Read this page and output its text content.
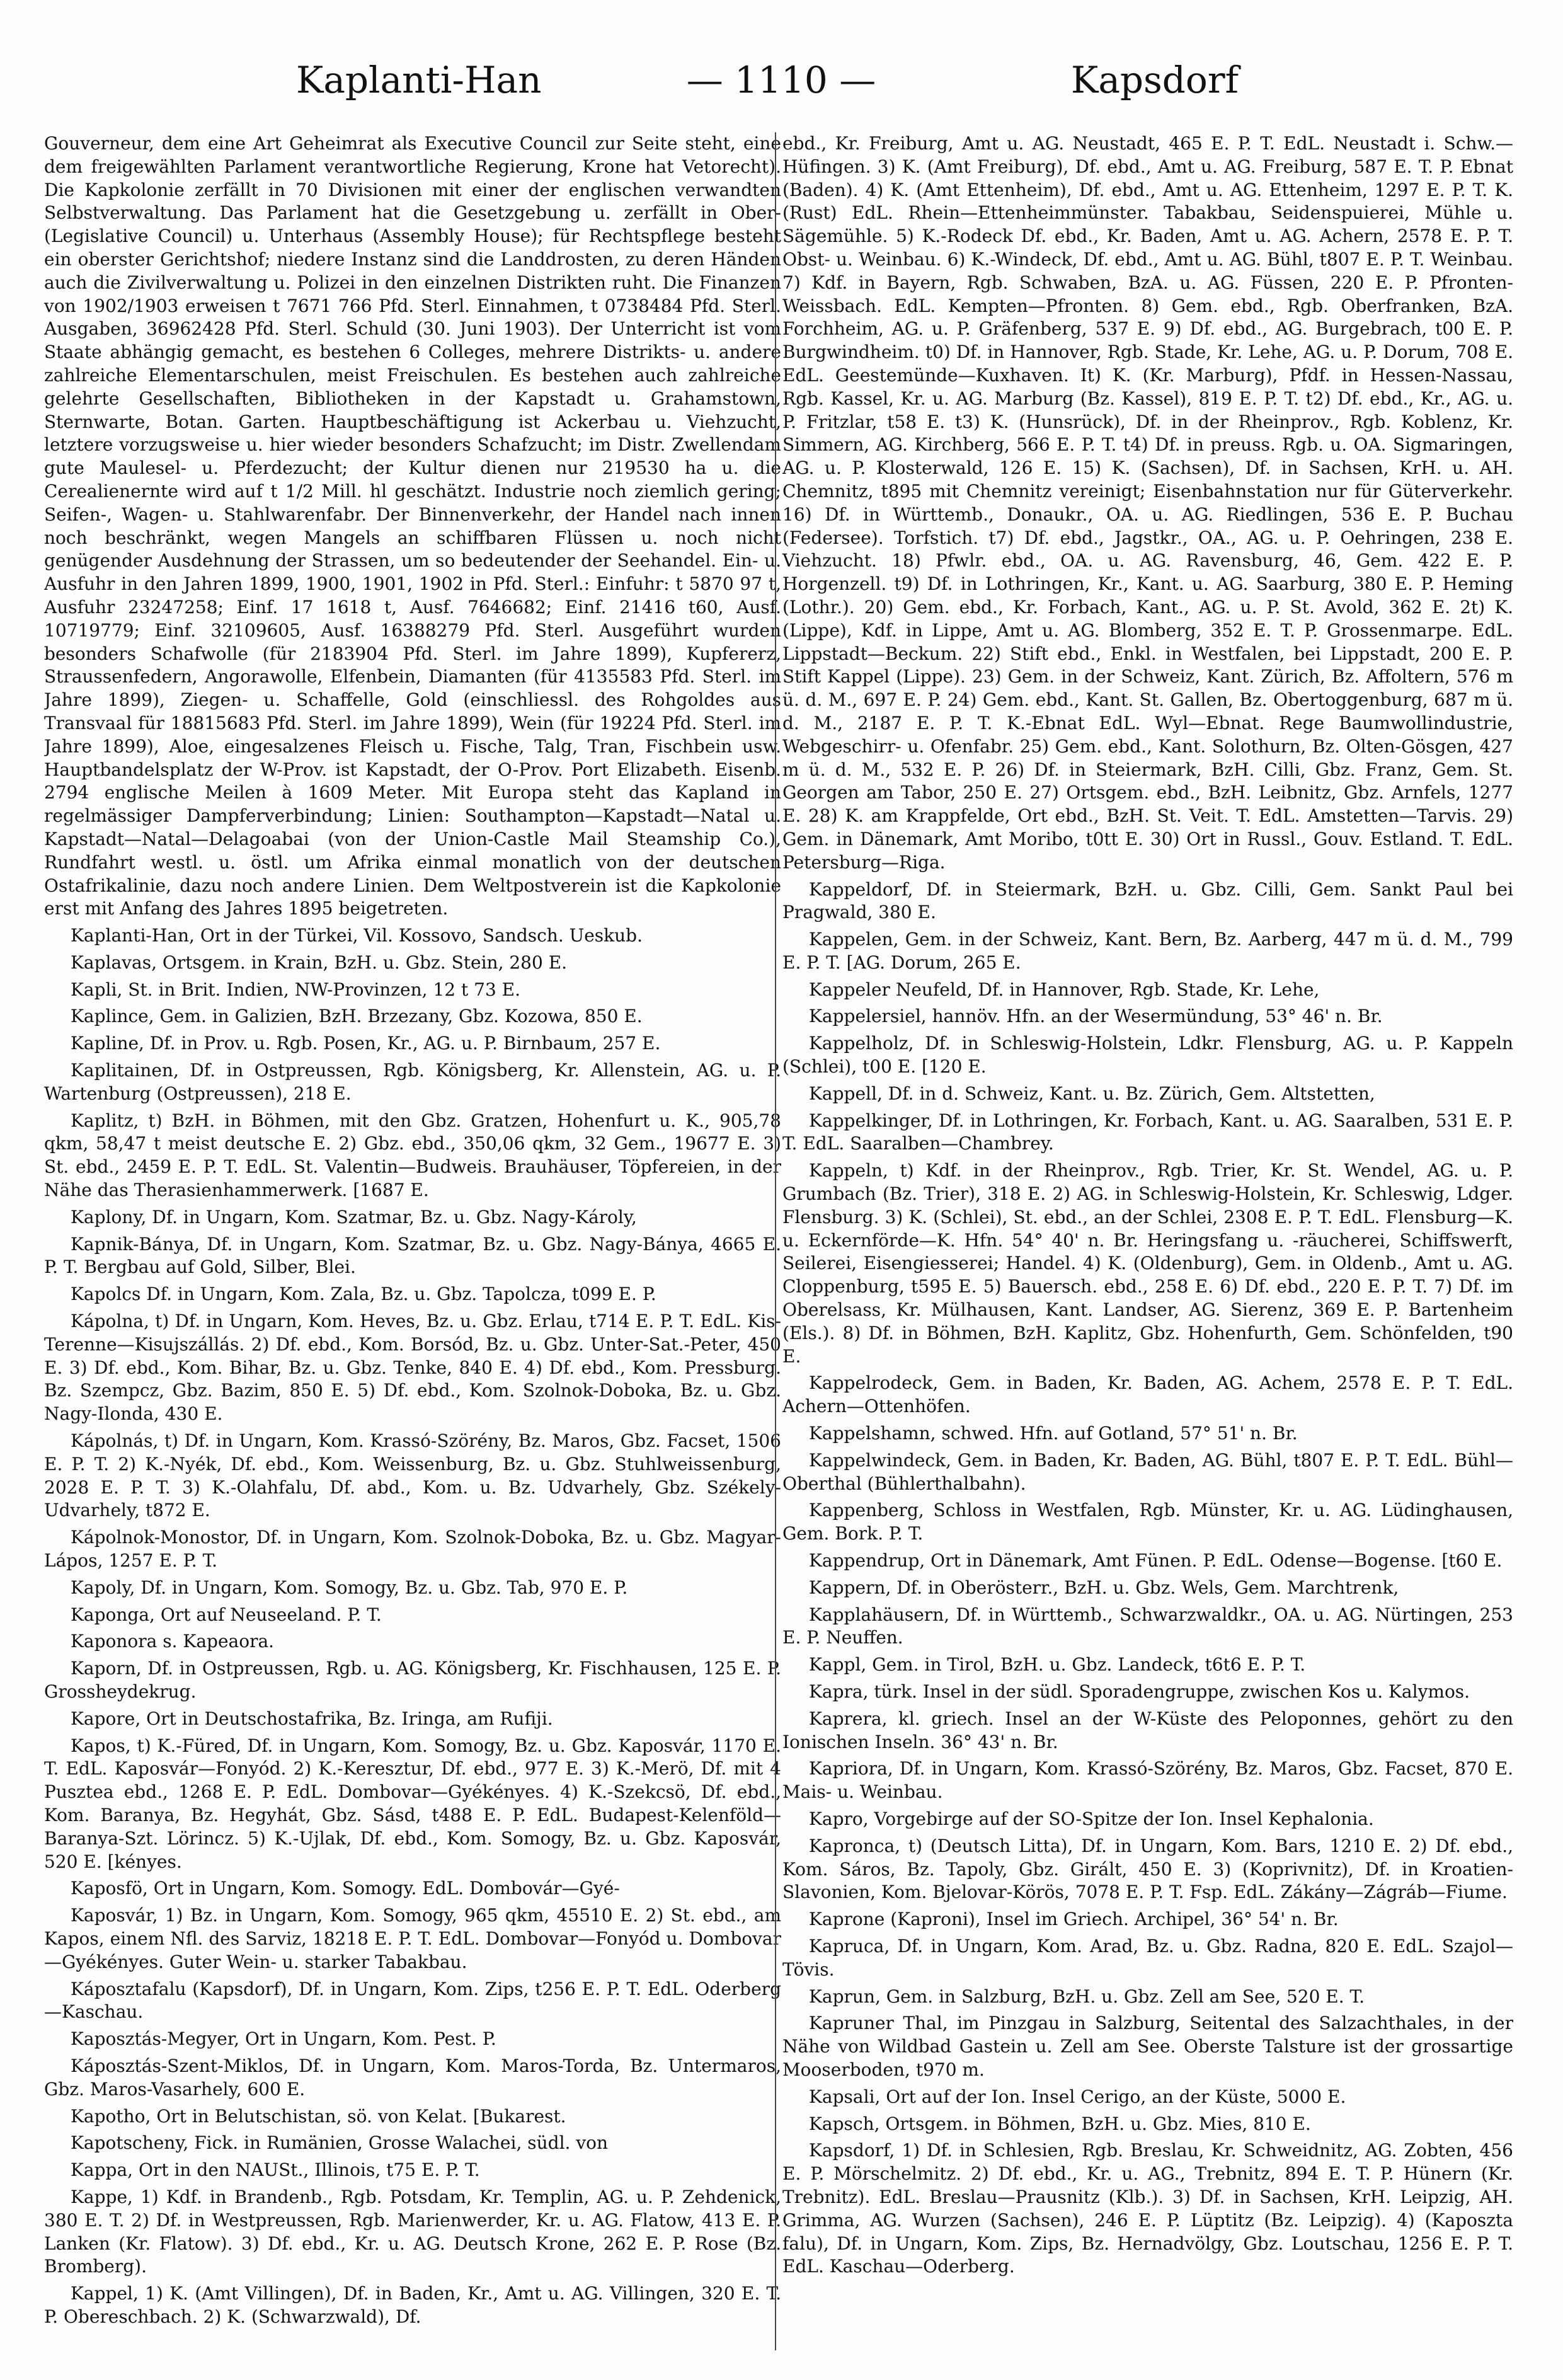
Kaplanti-Han	— 1110 —	Kapsdorf

Gouverneur, dem eine Art Geheimrat als Executive Council zur Seite steht, eine dem freigewählten Parlament verantwortliche Regierung, Krone hat Vetorecht). Die Kapkolonie zerfällt in 70 Divisionen mit einer der englischen verwandten Selbstverwaltung. Das Parlament hat die Gesetzgebung u. zerfällt in Ober- (Legislative Council) u. Unterhaus (Assembly House); für Rechtspflege besteht ein oberster Gerichtshof; niedere Instanz sind die Landdrosten, zu deren Händen auch die Zivilverwaltung u. Polizei in den einzelnen Distrikten ruht. Die Finanzen von 1902/1903 erweisen t 7671 766 Pfd. Sterl. Einnahmen, t 0738484 Pfd. Sterl. Ausgaben, 36962428 Pfd. Sterl. Schuld (30. Juni 1903). Der Unterricht ist vom Staate abhängig gemacht, es bestehen 6 Colleges, mehrere Distrikts- u. andere zahlreiche Elementarschulen, meist Freischulen. Es bestehen auch zahlreiche gelehrte Gesellschaften, Bibliotheken in der Kapstadt u. Grahamstown, Sternwarte, Botan. Garten. Hauptbeschäftigung ist Ackerbau u. Viehzucht, letztere vorzugsweise u. hier wieder besonders Schafzucht; im Distr. Zwellendam gute Maulesel- u. Pferdezucht; der Kultur dienen nur 219530 ha u. die Cerealienernte wird auf t 1/2 Mill. hl geschätzt. Industrie noch ziemlich gering; Seifen-, Wagen- u. Stahlwarenfabr. Der Binnenverkehr, der Handel nach innen noch beschränkt, wegen Mangels an schiffbaren Flüssen u. noch nicht genügender Ausdehnung der Strassen, um so bedeutender der Seehandel. Ein- u. Ausfuhr in den Jahren 1899, 1900, 1901, 1902 in Pfd. Sterl.: Einfuhr: t 5870 97 t, Ausfuhr 23247258; Einf. 17 1618 t, Ausf. 7646682; Einf. 21416 t60, Ausf. 10719779; Einf. 32109605, Ausf. 16388279 Pfd. Sterl. Ausgeführt wurden besonders Schafwolle (für 2183904 Pfd. Sterl. im Jahre 1899), Kupfererz, Straussenfedern, Angorawolle, Elfenbein, Diamanten (für 4135583 Pfd. Sterl. im Jahre 1899), Ziegen- u. Schaffelle, Gold (einschliessl. des Rohgoldes aus Transvaal für 18815683 Pfd. Sterl. im Jahre 1899), Wein (für 19224 Pfd. Sterl. im Jahre 1899), Aloe, eingesalzenes Fleisch u. Fische, Talg, Tran, Fischbein usw. Hauptbandelsplatz der W-Prov. ist Kapstadt, der O-Prov. Port Elizabeth. Eisenb. 2794 englische Meilen à 1609 Meter. Mit Europa steht das Kapland in regelmässiger Dampferverbindung; Linien: Southampton—Kapstadt—Natal u. Kapstadt—Natal—Delagoabai (von der Union-Castle Mail Steamship Co.), Rundfahrt westl. u. östl. um Afrika einmal monatlich von der deutschen Ostafrikalinie, dazu noch andere Linien. Dem Weltpostverein ist die Kapkolonie erst mit Anfang des Jahres 1895 beigetreten.

Kaplanti-Han, Ort in der Türkei, Vil. Kossovo, Sandsch. Ueskub.

Kaplavas, Ortsgem. in Krain, BzH. u. Gbz. Stein, 280 E.

Kapli, St. in Brit. Indien, NW-Provinzen, 12 t 73 E.

Kaplince, Gem. in Galizien, BzH. Brzezany, Gbz. Kozowa, 850 E.

Kapline, Df. in Prov. u. Rgb. Posen, Kr., AG. u. P. Birnbaum, 257 E.

Kaplitainen, Df. in Ostpreussen, Rgb. Königsberg, Kr. Allenstein, AG. u. P. Wartenburg (Ostpreussen), 218 E.

Kaplitz, t) BzH. in Böhmen, mit den Gbz. Gratzen, Hohenfurt u. K., 905,78 qkm, 58,47 t meist deutsche E. 2) Gbz. ebd., 350,06 qkm, 32 Gem., 19677 E. 3) St. ebd., 2459 E. P. T. EdL. St. Valentin—Budweis. Brauhäuser, Töpfereien, in der Nähe das Therasienhammerwerk. [1687 E.

Kaplony, Df. in Ungarn, Kom. Szatmar, Bz. u. Gbz. Nagy-Károly,

Kapnik-Bánya, Df. in Ungarn, Kom. Szatmar, Bz. u. Gbz. Nagy-Bánya, 4665 E. P. T. Bergbau auf Gold, Silber, Blei.

Kapolcs Df. in Ungarn, Kom. Zala, Bz. u. Gbz. Tapolcza, t099 E. P.

Kápolna, t) Df. in Ungarn, Kom. Heves, Bz. u. Gbz. Erlau, t714 E. P. T. EdL. Kis-Terenne—Kisujszállás. 2) Df. ebd., Kom. Borsód, Bz. u. Gbz. Unter-Sat.-Peter, 450 E. 3) Df. ebd., Kom. Bihar, Bz. u. Gbz. Tenke, 840 E. 4) Df. ebd., Kom. Pressburg. Bz. Szempcz, Gbz. Bazim, 850 E. 5) Df. ebd., Kom. Szolnok-Doboka, Bz. u. Gbz. Nagy-Ilonda, 430 E.

Kápolnás, t) Df. in Ungarn, Kom. Krassó-Szörény, Bz. Maros, Gbz. Facset, 1506 E. P. T. 2) K.-Nyék, Df. ebd., Kom. Weissenburg, Bz. u. Gbz. Stuhlweissenburg, 2028 E. P. T. 3) K.-Olahfalu, Df. abd., Kom. u. Bz. Udvarhely, Gbz. Székely-Udvarhely, t872 E.

Kápolnok-Monostor, Df. in Ungarn, Kom. Szolnok-Doboka, Bz. u. Gbz. Magyar-Lápos, 1257 E. P. T.

Kapoly, Df. in Ungarn, Kom. Somogy, Bz. u. Gbz. Tab, 970 E. P.

Kaponga, Ort auf Neuseeland. P. T.

Kaponora s. Kapeaora.

Kaporn, Df. in Ostpreussen, Rgb. u. AG. Königsberg, Kr. Fischhausen, 125 E. P. Grossheydekrug.

Kapore, Ort in Deutschostafrika, Bz. Iringa, am Rufiji.

Kapos, t) K.-Füred, Df. in Ungarn, Kom. Somogy, Bz. u. Gbz. Kaposvár, 1170 E. T. EdL. Kaposvár—Fonyód. 2) K.-Keresztur, Df. ebd., 977 E. 3) K.-Merö, Df. mit 4 Pusztea ebd., 1268 E. P. EdL. Dombovar—Gyékényes. 4) K.-Szekcsö, Df. ebd., Kom. Baranya, Bz. Hegyhát, Gbz. Sásd, t488 E. P. EdL. Budapest-Kelenföld—Baranya-Szt. Lörincz. 5) K.-Ujlak, Df. ebd., Kom. Somogy, Bz. u. Gbz. Kaposvár, 520 E. [kényes.

Kaposfö, Ort in Ungarn, Kom. Somogy. EdL. Dombovár—Gyé-

Kaposvár, 1) Bz. in Ungarn, Kom. Somogy, 965 qkm, 45510 E. 2) St. ebd., am Kapos, einem Nfl. des Sarviz, 18218 E. P. T. EdL. Dombovar—Fonyód u. Dombovar—Gyékényes. Guter Wein- u. starker Tabakbau.

Káposztafalu (Kapsdorf), Df. in Ungarn, Kom. Zips, t256 E. P. T. EdL. Oderberg—Kaschau.

Kaposztás-Megyer, Ort in Ungarn, Kom. Pest. P.

Káposztás-Szent-Miklos, Df. in Ungarn, Kom. Maros-Torda, Bz. Untermaros, Gbz. Maros-Vasarhely, 600 E.

Kapotho, Ort in Belutschistan, sö. von Kelat. [Bukarest.

Kapotscheny, Fick. in Rumänien, Grosse Walachei, südl. von

Kappa, Ort in den NAUSt., Illinois, t75 E. P. T.

Kappe, 1) Kdf. in Brandenb., Rgb. Potsdam, Kr. Templin, AG. u. P. Zehdenick, 380 E. T. 2) Df. in Westpreussen, Rgb. Marienwerder, Kr. u. AG. Flatow, 413 E. P. Lanken (Kr. Flatow). 3) Df. ebd., Kr. u. AG. Deutsch Krone, 262 E. P. Rose (Bz. Bromberg).

Kappel, 1) K. (Amt Villingen), Df. in Baden, Kr., Amt u. AG. Villingen, 320 E. T. P. Obereschbach. 2) K. (Schwarzwald), Df.

ebd., Kr. Freiburg, Amt u. AG. Neustadt, 465 E. P. T. EdL. Neustadt i. Schw.—Hüfingen. 3) K. (Amt Freiburg), Df. ebd., Amt u. AG. Freiburg, 587 E. T. P. Ebnat (Baden). 4) K. (Amt Ettenheim), Df. ebd., Amt u. AG. Ettenheim, 1297 E. P. T. K. (Rust) EdL. Rhein—Ettenheimmünster. Tabakbau, Seidenspuierei, Mühle u. Sägemühle. 5) K.-Rodeck Df. ebd., Kr. Baden, Amt u. AG. Achern, 2578 E. P. T. Obst- u. Weinbau. 6) K.-Windeck, Df. ebd., Amt u. AG. Bühl, t807 E. P. T. Weinbau. 7) Kdf. in Bayern, Rgb. Schwaben, BzA. u. AG. Füssen, 220 E. P. Pfronten-Weissbach. EdL. Kempten—Pfronten. 8) Gem. ebd., Rgb. Oberfranken, BzA. Forchheim, AG. u. P. Gräfenberg, 537 E. 9) Df. ebd., AG. Burgebrach, t00 E. P. Burgwindheim. t0) Df. in Hannover, Rgb. Stade, Kr. Lehe, AG. u. P. Dorum, 708 E. EdL. Geestemünde—Kuxhaven. It) K. (Kr. Marburg), Pfdf. in Hessen-Nassau, Rgb. Kassel, Kr. u. AG. Marburg (Bz. Kassel), 819 E. P. T. t2) Df. ebd., Kr., AG. u. P. Fritzlar, t58 E. t3) K. (Hunsrück), Df. in der Rheinprov., Rgb. Koblenz, Kr. Simmern, AG. Kirchberg, 566 E. P. T. t4) Df. in preuss. Rgb. u. OA. Sigmaringen, AG. u. P. Klosterwald, 126 E. 15) K. (Sachsen), Df. in Sachsen, KrH. u. AH. Chemnitz, t895 mit Chemnitz vereinigt; Eisenbahnstation nur für Güterverkehr. 16) Df. in Württemb., Donaukr., OA. u. AG. Riedlingen, 536 E. P. Buchau (Federsee). Torfstich. t7) Df. ebd., Jagstkr., OA., AG. u. P. Oehringen, 238 E. Viehzucht. 18) Pfwlr. ebd., OA. u. AG. Ravensburg, 46, Gem. 422 E. P. Horgenzell. t9) Df. in Lothringen, Kr., Kant. u. AG. Saarburg, 380 E. P. Heming (Lothr.). 20) Gem. ebd., Kr. Forbach, Kant., AG. u. P. St. Avold, 362 E. 2t) K. (Lippe), Kdf. in Lippe, Amt u. AG. Blomberg, 352 E. T. P. Grossenmarpe. EdL. Lippstadt—Beckum. 22) Stift ebd., Enkl. in Westfalen, bei Lippstadt, 200 E. P. Stift Kappel (Lippe). 23) Gem. in der Schweiz, Kant. Zürich, Bz. Affoltern, 576 m ü. d. M., 697 E. P. 24) Gem. ebd., Kant. St. Gallen, Bz. Obertoggenburg, 687 m ü. d. M., 2187 E. P. T. K.-Ebnat EdL. Wyl—Ebnat. Rege Baumwollindustrie, Webgeschirr- u. Ofenfabr. 25) Gem. ebd., Kant. Solothurn, Bz. Olten-Gösgen, 427 m ü. d. M., 532 E. P. 26) Df. in Steiermark, BzH. Cilli, Gbz. Franz, Gem. St. Georgen am Tabor, 250 E. 27) Ortsgem. ebd., BzH. Leibnitz, Gbz. Arnfels, 1277 E. 28) K. am Krappfelde, Ort ebd., BzH. St. Veit. T. EdL. Amstetten—Tarvis. 29) Gem. in Dänemark, Amt Moribo, t0tt E. 30) Ort in Russl., Gouv. Estland. T. EdL. Petersburg—Riga.

Kappeldorf, Df. in Steiermark, BzH. u. Gbz. Cilli, Gem. Sankt Paul bei Pragwald, 380 E.

Kappelen, Gem. in der Schweiz, Kant. Bern, Bz. Aarberg, 447 m ü. d. M., 799 E. P. T. [AG. Dorum, 265 E.

Kappeler Neufeld, Df. in Hannover, Rgb. Stade, Kr. Lehe,

Kappelersiel, hannöv. Hfn. an der Wesermündung, 53° 46' n. Br.

Kappelholz, Df. in Schleswig-Holstein, Ldkr. Flensburg, AG. u. P. Kappeln (Schlei), t00 E. [120 E.

Kappell, Df. in d. Schweiz, Kant. u. Bz. Zürich, Gem. Altstetten,

Kappelkinger, Df. in Lothringen, Kr. Forbach, Kant. u. AG. Saaralben, 531 E. P. T. EdL. Saaralben—Chambrey.

Kappeln, t) Kdf. in der Rheinprov., Rgb. Trier, Kr. St. Wendel, AG. u. P. Grumbach (Bz. Trier), 318 E. 2) AG. in Schleswig-Holstein, Kr. Schleswig, Ldger. Flensburg. 3) K. (Schlei), St. ebd., an der Schlei, 2308 E. P. T. EdL. Flensburg—K. u. Eckernförde—K. Hfn. 54° 40' n. Br. Heringsfang u. -räucherei, Schiffswerft, Seilerei, Eisengiesserei; Handel. 4) K. (Oldenburg), Gem. in Oldenb., Amt u. AG. Cloppenburg, t595 E. 5) Bauersch. ebd., 258 E. 6) Df. ebd., 220 E. P. T. 7) Df. im Oberelsass, Kr. Mülhausen, Kant. Landser, AG. Sierenz, 369 E. P. Bartenheim (Els.). 8) Df. in Böhmen, BzH. Kaplitz, Gbz. Hohenfurth, Gem. Schönfelden, t90 E.

Kappelrodeck, Gem. in Baden, Kr. Baden, AG. Achem, 2578 E. P. T. EdL. Achern—Ottenhöfen.

Kappelshamn, schwed. Hfn. auf Gotland, 57° 51' n. Br.

Kappelwindeck, Gem. in Baden, Kr. Baden, AG. Bühl, t807 E. P. T. EdL. Bühl—Oberthal (Bühlerthalbahn).

Kappenberg, Schloss in Westfalen, Rgb. Münster, Kr. u. AG. Lüdinghausen, Gem. Bork. P. T.

Kappendrup, Ort in Dänemark, Amt Fünen. P. EdL. Odense—Bogense. [t60 E.

Kappern, Df. in Oberösterr., BzH. u. Gbz. Wels, Gem. Marchtrenk,

Kapplahäusern, Df. in Württemb., Schwarzwaldkr., OA. u. AG. Nürtingen, 253 E. P. Neuffen.

Kappl, Gem. in Tirol, BzH. u. Gbz. Landeck, t6t6 E. P. T.

Kapra, türk. Insel in der südl. Sporadengruppe, zwischen Kos u. Kalymos.

Kaprera, kl. griech. Insel an der W-Küste des Peloponnes, gehört zu den Ionischen Inseln. 36° 43' n. Br.

Kapriora, Df. in Ungarn, Kom. Krassó-Szörény, Bz. Maros, Gbz. Facset, 870 E. Mais- u. Weinbau.

Kapro, Vorgebirge auf der SO-Spitze der Ion. Insel Kephalonia.

Kapronca, t) (Deutsch Litta), Df. in Ungarn, Kom. Bars, 1210 E. 2) Df. ebd., Kom. Sáros, Bz. Tapoly, Gbz. Girált, 450 E. 3) (Koprivnitz), Df. in Kroatien-Slavonien, Kom. Bjelovar-Körös, 7078 E. P. T. Fsp. EdL. Zákány—Zágráb—Fiume.

Kaprone (Kaproni), Insel im Griech. Archipel, 36° 54' n. Br.

Kapruca, Df. in Ungarn, Kom. Arad, Bz. u. Gbz. Radna, 820 E. EdL. Szajol—Tövis.

Kaprun, Gem. in Salzburg, BzH. u. Gbz. Zell am See, 520 E. T.

Kapruner Thal, im Pinzgau in Salzburg, Seitental des Salzachthales, in der Nähe von Wildbad Gastein u. Zell am See. Oberste Talsture ist der grossartige Mooserboden, t970 m.

Kapsali, Ort auf der Ion. Insel Cerigo, an der Küste, 5000 E.

Kapsch, Ortsgem. in Böhmen, BzH. u. Gbz. Mies, 810 E.

Kapsdorf, 1) Df. in Schlesien, Rgb. Breslau, Kr. Schweidnitz, AG. Zobten, 456 E. P. Mörschelmitz. 2) Df. ebd., Kr. u. AG., Trebnitz, 894 E. T. P. Hünern (Kr. Trebnitz). EdL. Breslau—Prausnitz (Klb.). 3) Df. in Sachsen, KrH. Leipzig, AH. Grimma, AG. Wurzen (Sachsen), 246 E. P. Lüptitz (Bz. Leipzig). 4) (Kaposzta falu), Df. in Ungarn, Kom. Zips, Bz. Hernadvölgy, Gbz. Loutschau, 1256 E. P. T. EdL. Kaschau—Oderberg.
